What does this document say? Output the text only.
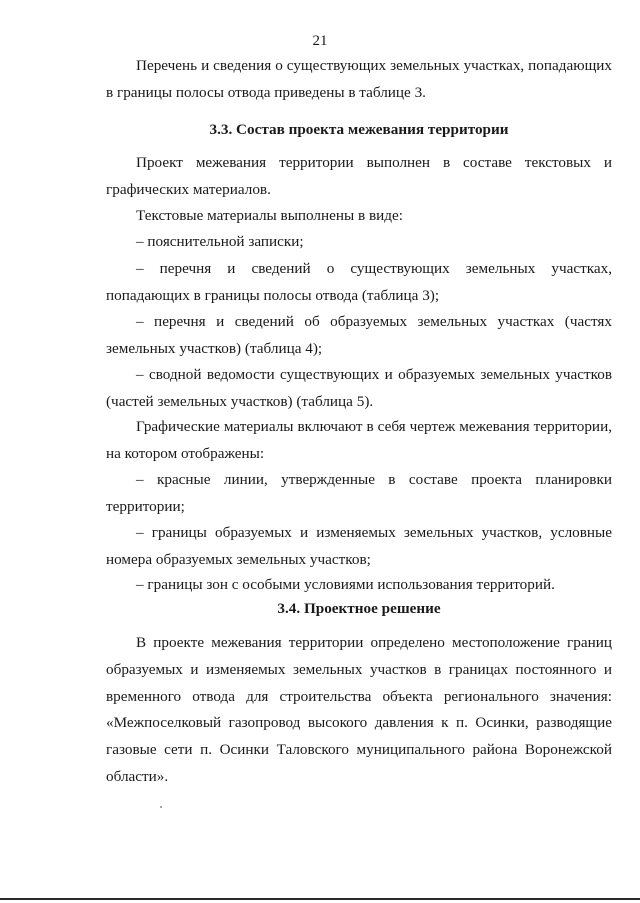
21

Перечень и сведения о существующих земельных участках, попадающих в границы полосы отвода приведены в таблице 3.

3.3. Состав проекта межевания территории

Проект межевания территории выполнен в составе текстовых и графических материалов.

Текстовые материалы выполнены в виде:

– пояснительной записки;

– перечня и сведений о существующих земельных участках, попадающих в границы полосы отвода (таблица 3);

– перечня и сведений об образуемых земельных участках (частях земельных участков) (таблица 4);

– сводной ведомости существующих и образуемых земельных участков (частей земельных участков) (таблица 5).

Графические материалы включают в себя чертеж межевания территории, на котором отображены:

– красные линии, утвержденные в составе проекта планировки территории;

– границы образуемых и изменяемых земельных участков, условные номера образуемых земельных участков;

– границы зон с особыми условиями использования территорий.

3.4. Проектное решение

В проекте межевания территории определено местоположение границ образуемых и изменяемых земельных участков в границах постоянного и временного отвода для строительства объекта регионального значения: «Межпоселковый газопровод высокого давления к п. Осинки, разводящие газовые сети п. Осинки Таловского муниципального района Воронежской области».
